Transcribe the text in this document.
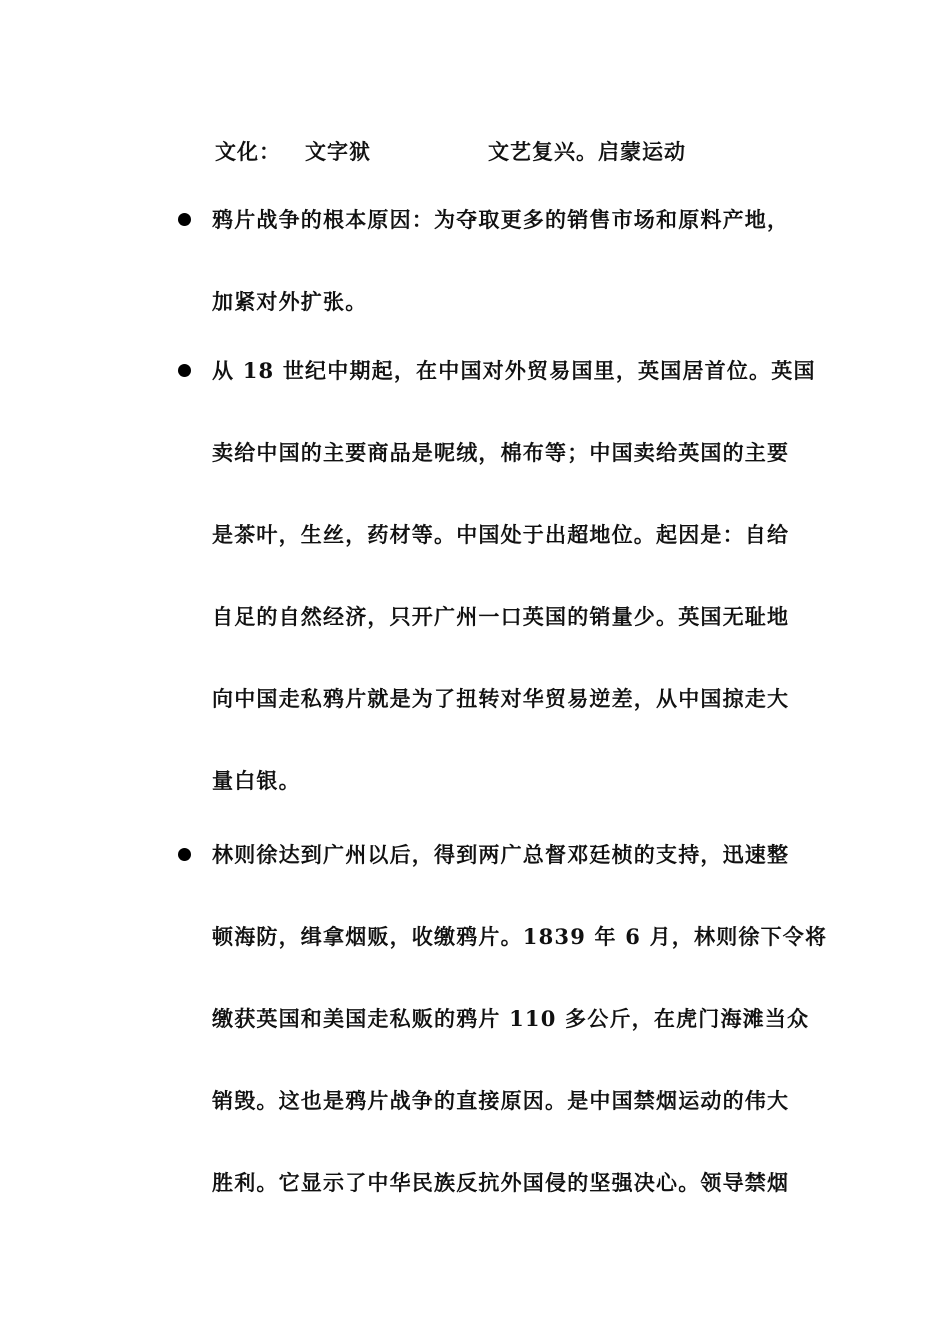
文化： 文字狱	文艺复兴。启蒙运动
鸦片战争的根本原因：为夺取更多的销售市场和原料产地，
加紧对外扩张。
从 18 世纪中期起，在中国对外贸易国里，英国居首位。英国
卖给中国的主要商品是呢绒，棉布等；中国卖给英国的主要
是茶叶，生丝，药材等。中国处于出超地位。起因是：自给
自足的自然经济，只开广州一口英国的销量少。英国无耻地
向中国走私鸦片就是为了扭转对华贸易逆差，从中国掠走大
量白银。
林则徐达到广州以后，得到两广总督邓廷桢的支持，迅速整
顿海防，缉拿烟贩，收缴鸦片。1839 年 6 月，林则徐下令将
缴获英国和美国走私贩的鸦片 110 多公斤，在虎门海滩当众
销毁。这也是鸦片战争的直接原因。是中国禁烟运动的伟大
胜利。它显示了中华民族反抗外国侵的坚强决心。领导禁烟
